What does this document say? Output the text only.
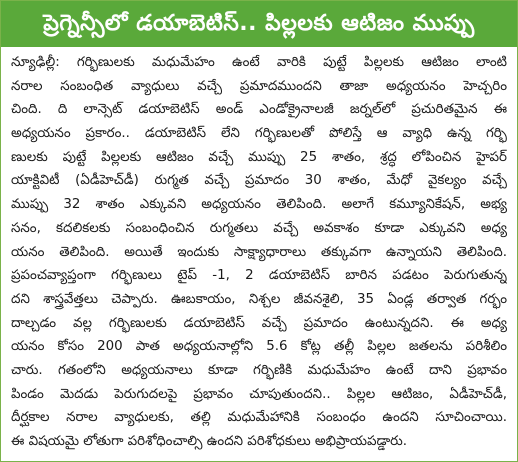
ప్రెగ్నెన్సీలో డయాబెటిస్.. పిల్లలకు ఆటిజం ముప్పు
న్యూఢిల్లీ: గర్భిణులకు మధుమేహం ఉంటే వారికి పుట్టే పిల్లలకు ఆటిజం లాంటి
నరాల సంబంధిత వ్యాధులు వచ్చే ప్రమాదముందని తాజా అధ్యయనం హెచ్చరిం
చింది. ది లాన్సెట్ డయాబెటిస్ అండ్ ఎండోక్రైనాలజీ జర్నల్‌లో ప్రచురితమైన ఈ
అధ్యయనం ప్రకారం.. డయాబెటిస్ లేని గర్భిణులతో పోలిస్తే ఆ వ్యాధి ఉన్న గర్భి
ణులకు పుట్టే పిల్లలకు ఆటిజం వచ్చే ముప్పు 25 శాతం, శ్రద్ధ లోపించిన హైపర్
యాక్టివిటీ (ఏడీహెచ్‌డీ) రుగ్మత వచ్చే ప్రమాదం 30 శాతం, మేధో వైకల్యం వచ్చే
ముప్పు 32 శాతం ఎక్కువని అధ్యయనం తెలిపింది. అలాగే కమ్యూనికేషన్, అభ్య
సనం, కదలికలకు సంబంధించిన రుగ్మతలు వచ్చే అవకాశం కూడా ఎక్కువని అధ్య
యనం తెలిపింది. అయితే ఇందుకు సాక్ష్యాధారాలు తక్కువగా ఉన్నాయని తెలిపింది.
ప్రపంచవ్యాప్తంగా గర్భిణులు టైప్ -1, 2 డయాబెటిస్ బారిన పడటం పెరుగుతున్న
దని శాస్త్రవేత్తలు చెప్పారు. ఊబకాయం, నిశ్చల జీవనశైలి, 35 ఏండ్ల తర్వాత గర్భం
దాల్చడం వల్ల గర్భిణులకు డయాబెటిస్ వచ్చే ప్రమాదం ఉంటున్నదని. ఈ అధ్య
యనం కోసం 200 పాత అధ్యయనాల్లోని 5.6 కోట్ల తల్లీ పిల్లల జతలను పరిశీలిం
చారు. గతంలోని అధ్యయనాలు కూడా గర్భిణికి మధుమేహం ఉంటే దాని ప్రభావం
పిండం మెదడు పెరుగుదలపై ప్రభావం చూపుతుందని.. పిల్లల ఆటిజం, ఏడీహెచ్‌డీ,
దీర్ఘకాల నరాల వ్యాధులకు, తల్లి మధుమేహానికి సంబంధం ఉందని సూచించాయి.
ఈ విషయమై లోతుగా పరిశోధించాల్సి ఉందని పరిశోధకులు అభిప్రాయపడ్డారు.
